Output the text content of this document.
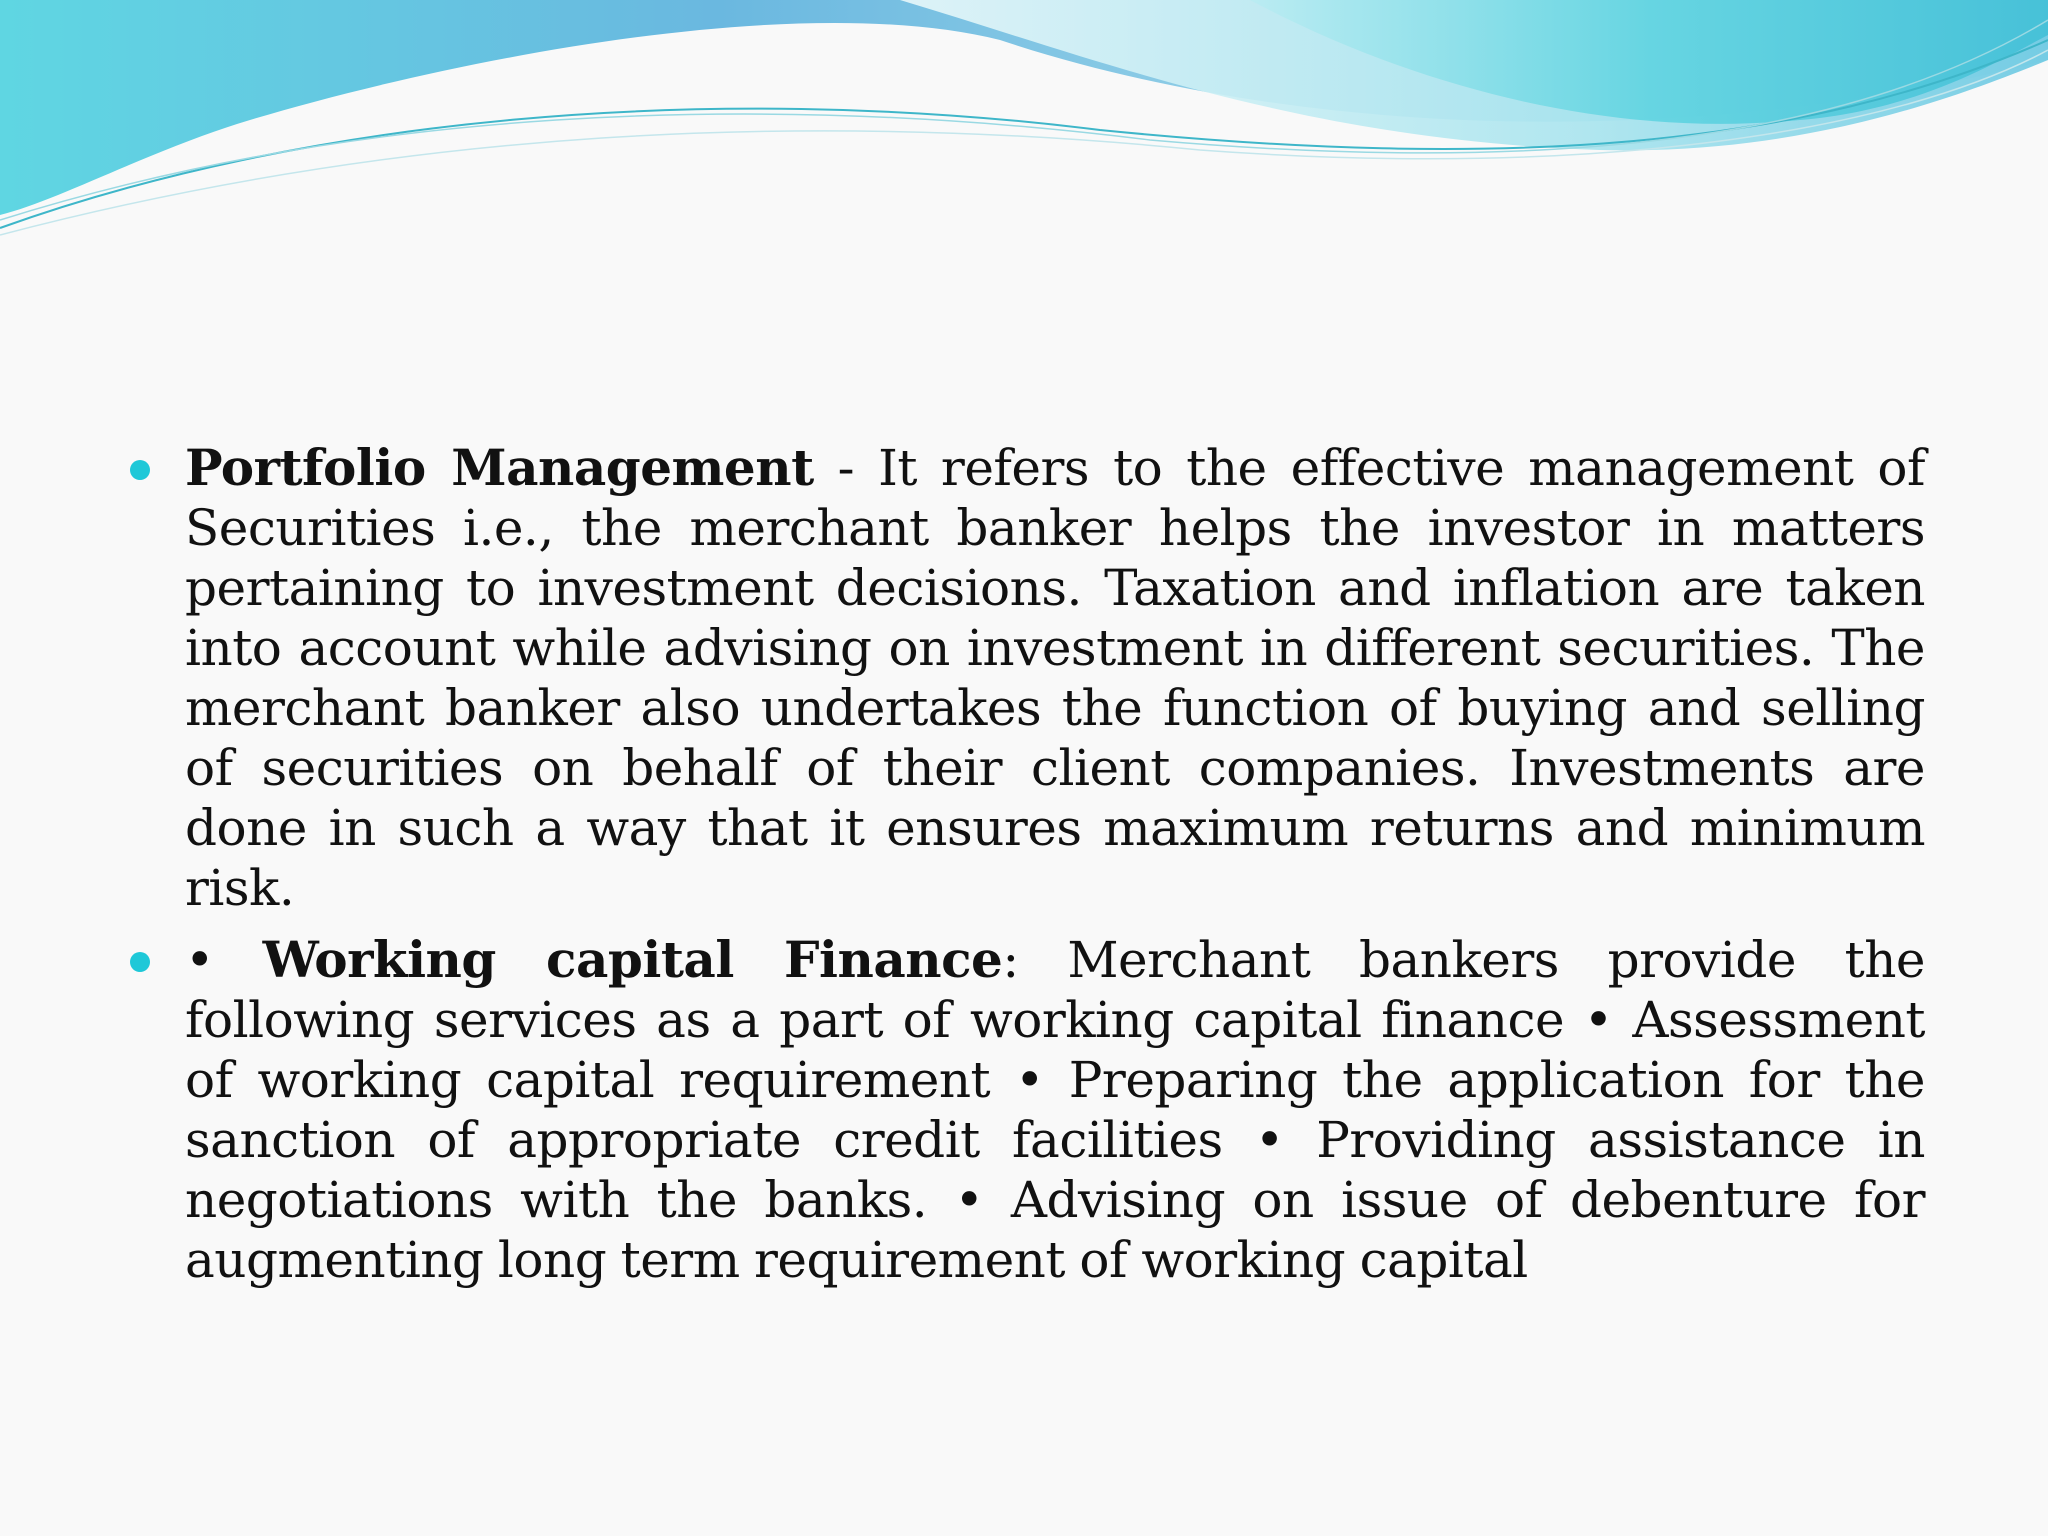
Portfolio Management - It refers to the effective management of Securities i.e., the merchant banker helps the investor in matters pertaining to investment decisions. Taxation and inflation are taken into account while advising on investment in different securities. The merchant banker also undertakes the function of buying and selling of securities on behalf of their client companies. Investments are done in such a way that it ensures maximum returns and minimum risk.
• Working capital Finance: Merchant bankers provide the following services as a part of working capital finance • Assessment of working capital requirement • Preparing the application for the sanction of appropriate credit facilities • Providing assistance in negotiations with the banks. • Advising on issue of debenture for augmenting long term requirement of working capital
